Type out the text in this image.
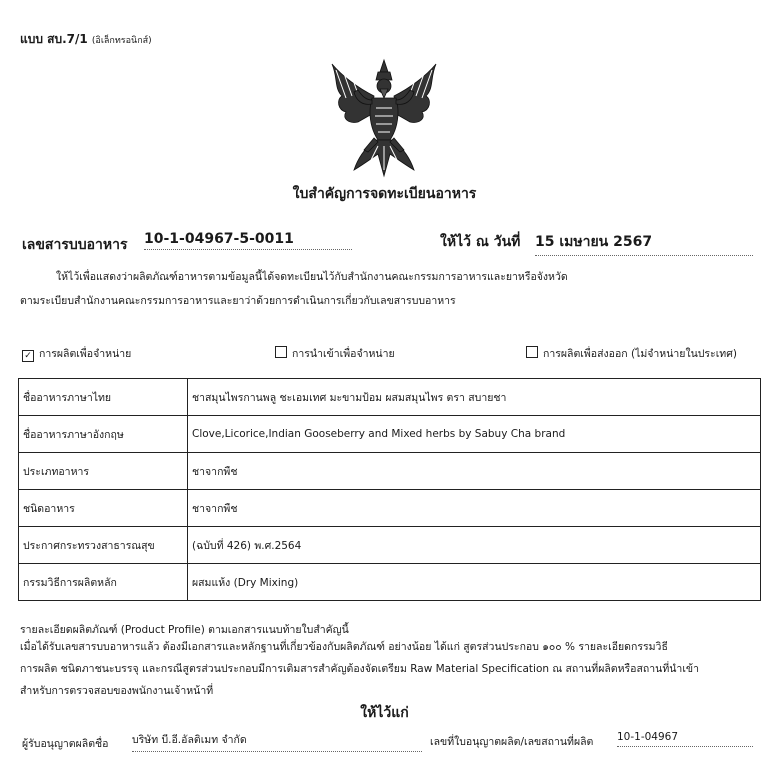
แบบ สบ.7/1 (อิเล็กทรอนิกส์)
ใบสำคัญการจดทะเบียนอาหาร
เลขสารบบอาหาร 10-1-04967-5-0011	ให้ไว้ ณ วันที่ 15 เมษายน 2567
ให้ไว้เพื่อแสดงว่าผลิตภัณฑ์อาหารตามข้อมูลนี้ได้จดทะเบียนไว้กับสำนักงานคณะกรรมการอาหารและยาหรือจังหวัด
ตามระเบียบสำนักงานคณะกรรมการอาหารและยาว่าด้วยการดำเนินการเกี่ยวกับเลขสารบบอาหาร
✓ การผลิตเพื่อจำหน่าย	การนำเข้าเพื่อจำหน่าย	การผลิตเพื่อส่งออก (ไม่จำหน่ายในประเทศ)
ชื่ออาหารภาษาไทย	ชาสมุนไพรกานพลู ชะเอมเทศ มะขามป้อม ผสมสมุนไพร ตรา สบายชา
ชื่ออาหารภาษาอังกฤษ	Clove,Licorice,Indian Gooseberry and Mixed herbs by Sabuy Cha brand
ประเภทอาหาร	ชาจากพืช
ชนิดอาหาร	ชาจากพืช
ประกาศกระทรวงสาธารณสุข	(ฉบับที่ 426) พ.ศ.2564
กรรมวิธีการผลิตหลัก	ผสมแห้ง (Dry Mixing)
รายละเอียดผลิตภัณฑ์ (Product Profile) ตามเอกสารแนบท้ายใบสำคัญนี้
เมื่อได้รับเลขสารบบอาหารแล้ว ต้องมีเอกสารและหลักฐานที่เกี่ยวข้องกับผลิตภัณฑ์ อย่างน้อย ได้แก่ สูตรส่วนประกอบ ๑๐๐ % รายละเอียดกรรมวิธี
การผลิต ชนิดภาชนะบรรจุ และกรณีสูตรส่วนประกอบมีการเติมสารสำคัญต้องจัดเตรียม Raw Material Specification ณ สถานที่ผลิตหรือสถานที่นำเข้า
สำหรับการตรวจสอบของพนักงานเจ้าหน้าที่
ให้ไว้แก่
ผู้รับอนุญาตผลิตชื่อ บริษัท บี.อี.อัลติเมท จำกัด	เลขที่ใบอนุญาตผลิต/เลขสถานที่ผลิต 10-1-04967
